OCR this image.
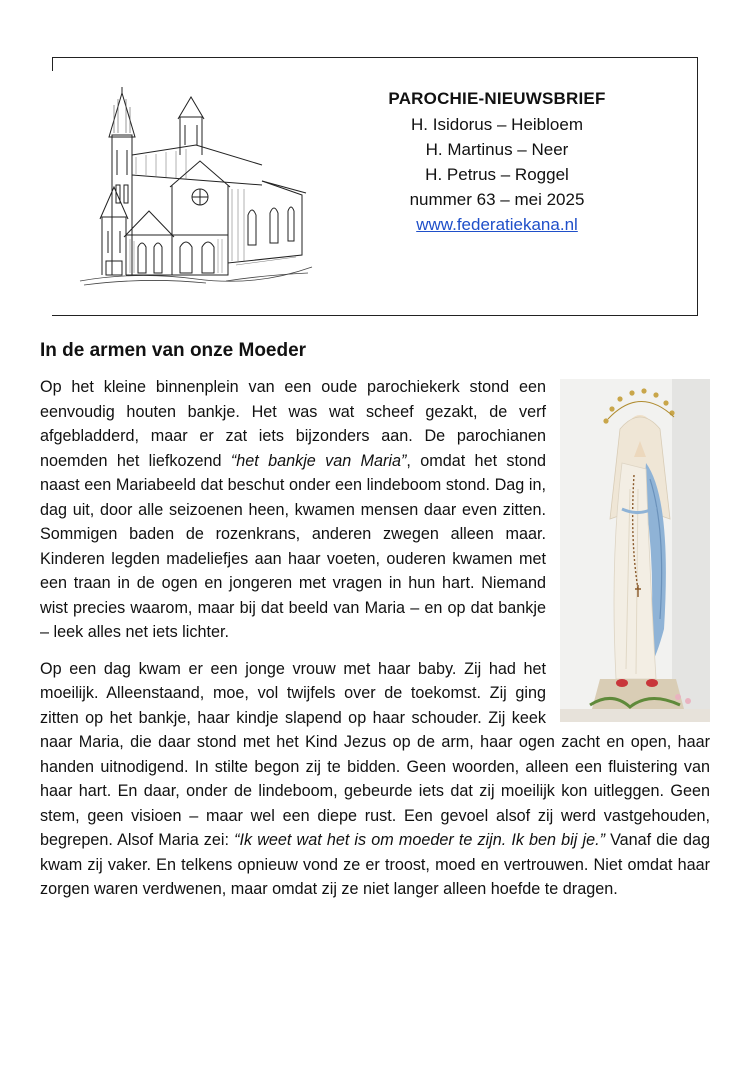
PAROCHIE-NIEUWSBRIEF

H. Isidorus – Heibloem

H. Martinus – Neer

H. Petrus – Roggel

nummer 63 – mei 2025

www.federatiekana.nl
In de armen van onze Moeder

Op het kleine binnenplein van een oude parochiekerk stond een eenvoudig houten bankje. Het was wat scheef gezakt, de verf afgebladderd, maar er zat iets bijzonders aan. De parochianen noemden het liefkozend “het bankje van Maria”, omdat het stond naast een Mariabeeld dat beschut onder een lindeboom stond. Dag in, dag uit, door alle seizoenen heen, kwamen mensen daar even zitten. Sommigen baden de rozenkrans, anderen zwegen alleen maar. Kinderen legden madeliefjes aan haar voeten, ouderen kwamen met een traan in de ogen en jongeren met vragen in hun hart. Niemand wist precies waarom, maar bij dat beeld van Maria – en op dat bankje – leek alles net iets lichter.

Op een dag kwam er een jonge vrouw met haar baby. Zij had het moeilijk. Alleenstaand, moe, vol twijfels over de toekomst. Zij ging zitten op het bankje, haar kindje slapend op haar schouder. Zij keek naar Maria, die daar stond met het Kind Jezus op de arm, haar ogen zacht en open, haar handen uitnodigend. In stilte begon zij te bidden. Geen woorden, alleen een fluistering van haar hart. En daar, onder de lindeboom, gebeurde iets dat zij moeilijk kon uitleggen. Geen stem, geen visioen – maar wel een diepe rust. Een gevoel alsof zij werd vastgehouden, begrepen. Alsof Maria zei: “Ik weet wat het is om moeder te zijn. Ik ben bij je.” Vanaf die dag kwam zij vaker. En telkens opnieuw vond ze er troost, moed en vertrouwen. Niet omdat haar zorgen waren verdwenen, maar omdat zij ze niet langer alleen hoefde te dragen.
